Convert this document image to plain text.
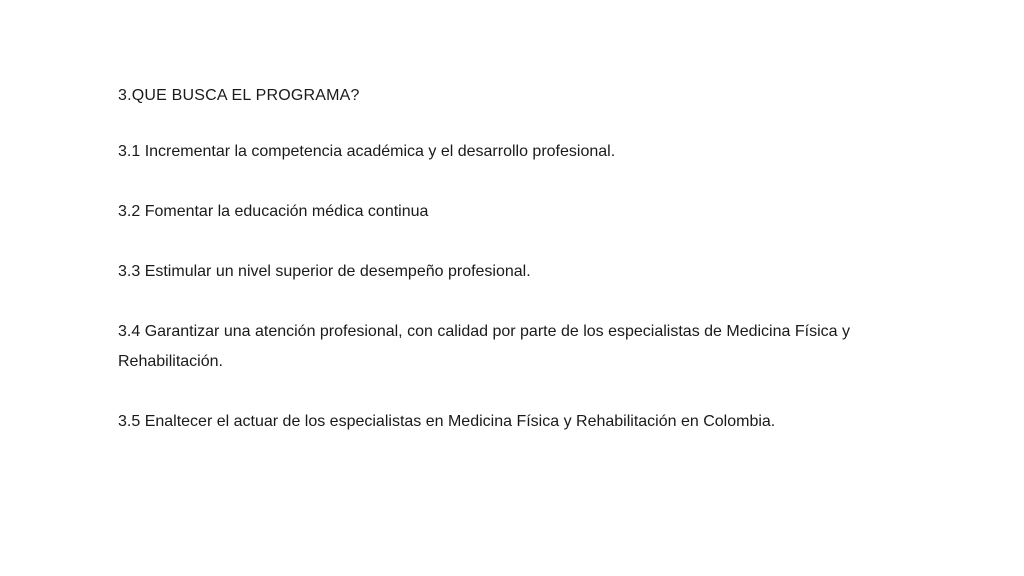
3.QUE BUSCA EL PROGRAMA?
3.1 Incrementar la competencia académica y el desarrollo profesional.
3.2 Fomentar la educación médica continua
3.3 Estimular un nivel superior de desempeño profesional.
3.4 Garantizar una atención profesional, con calidad por parte de los especialistas de Medicina Física y Rehabilitación.
3.5 Enaltecer el actuar de los especialistas en Medicina Física y Rehabilitación en Colombia.
